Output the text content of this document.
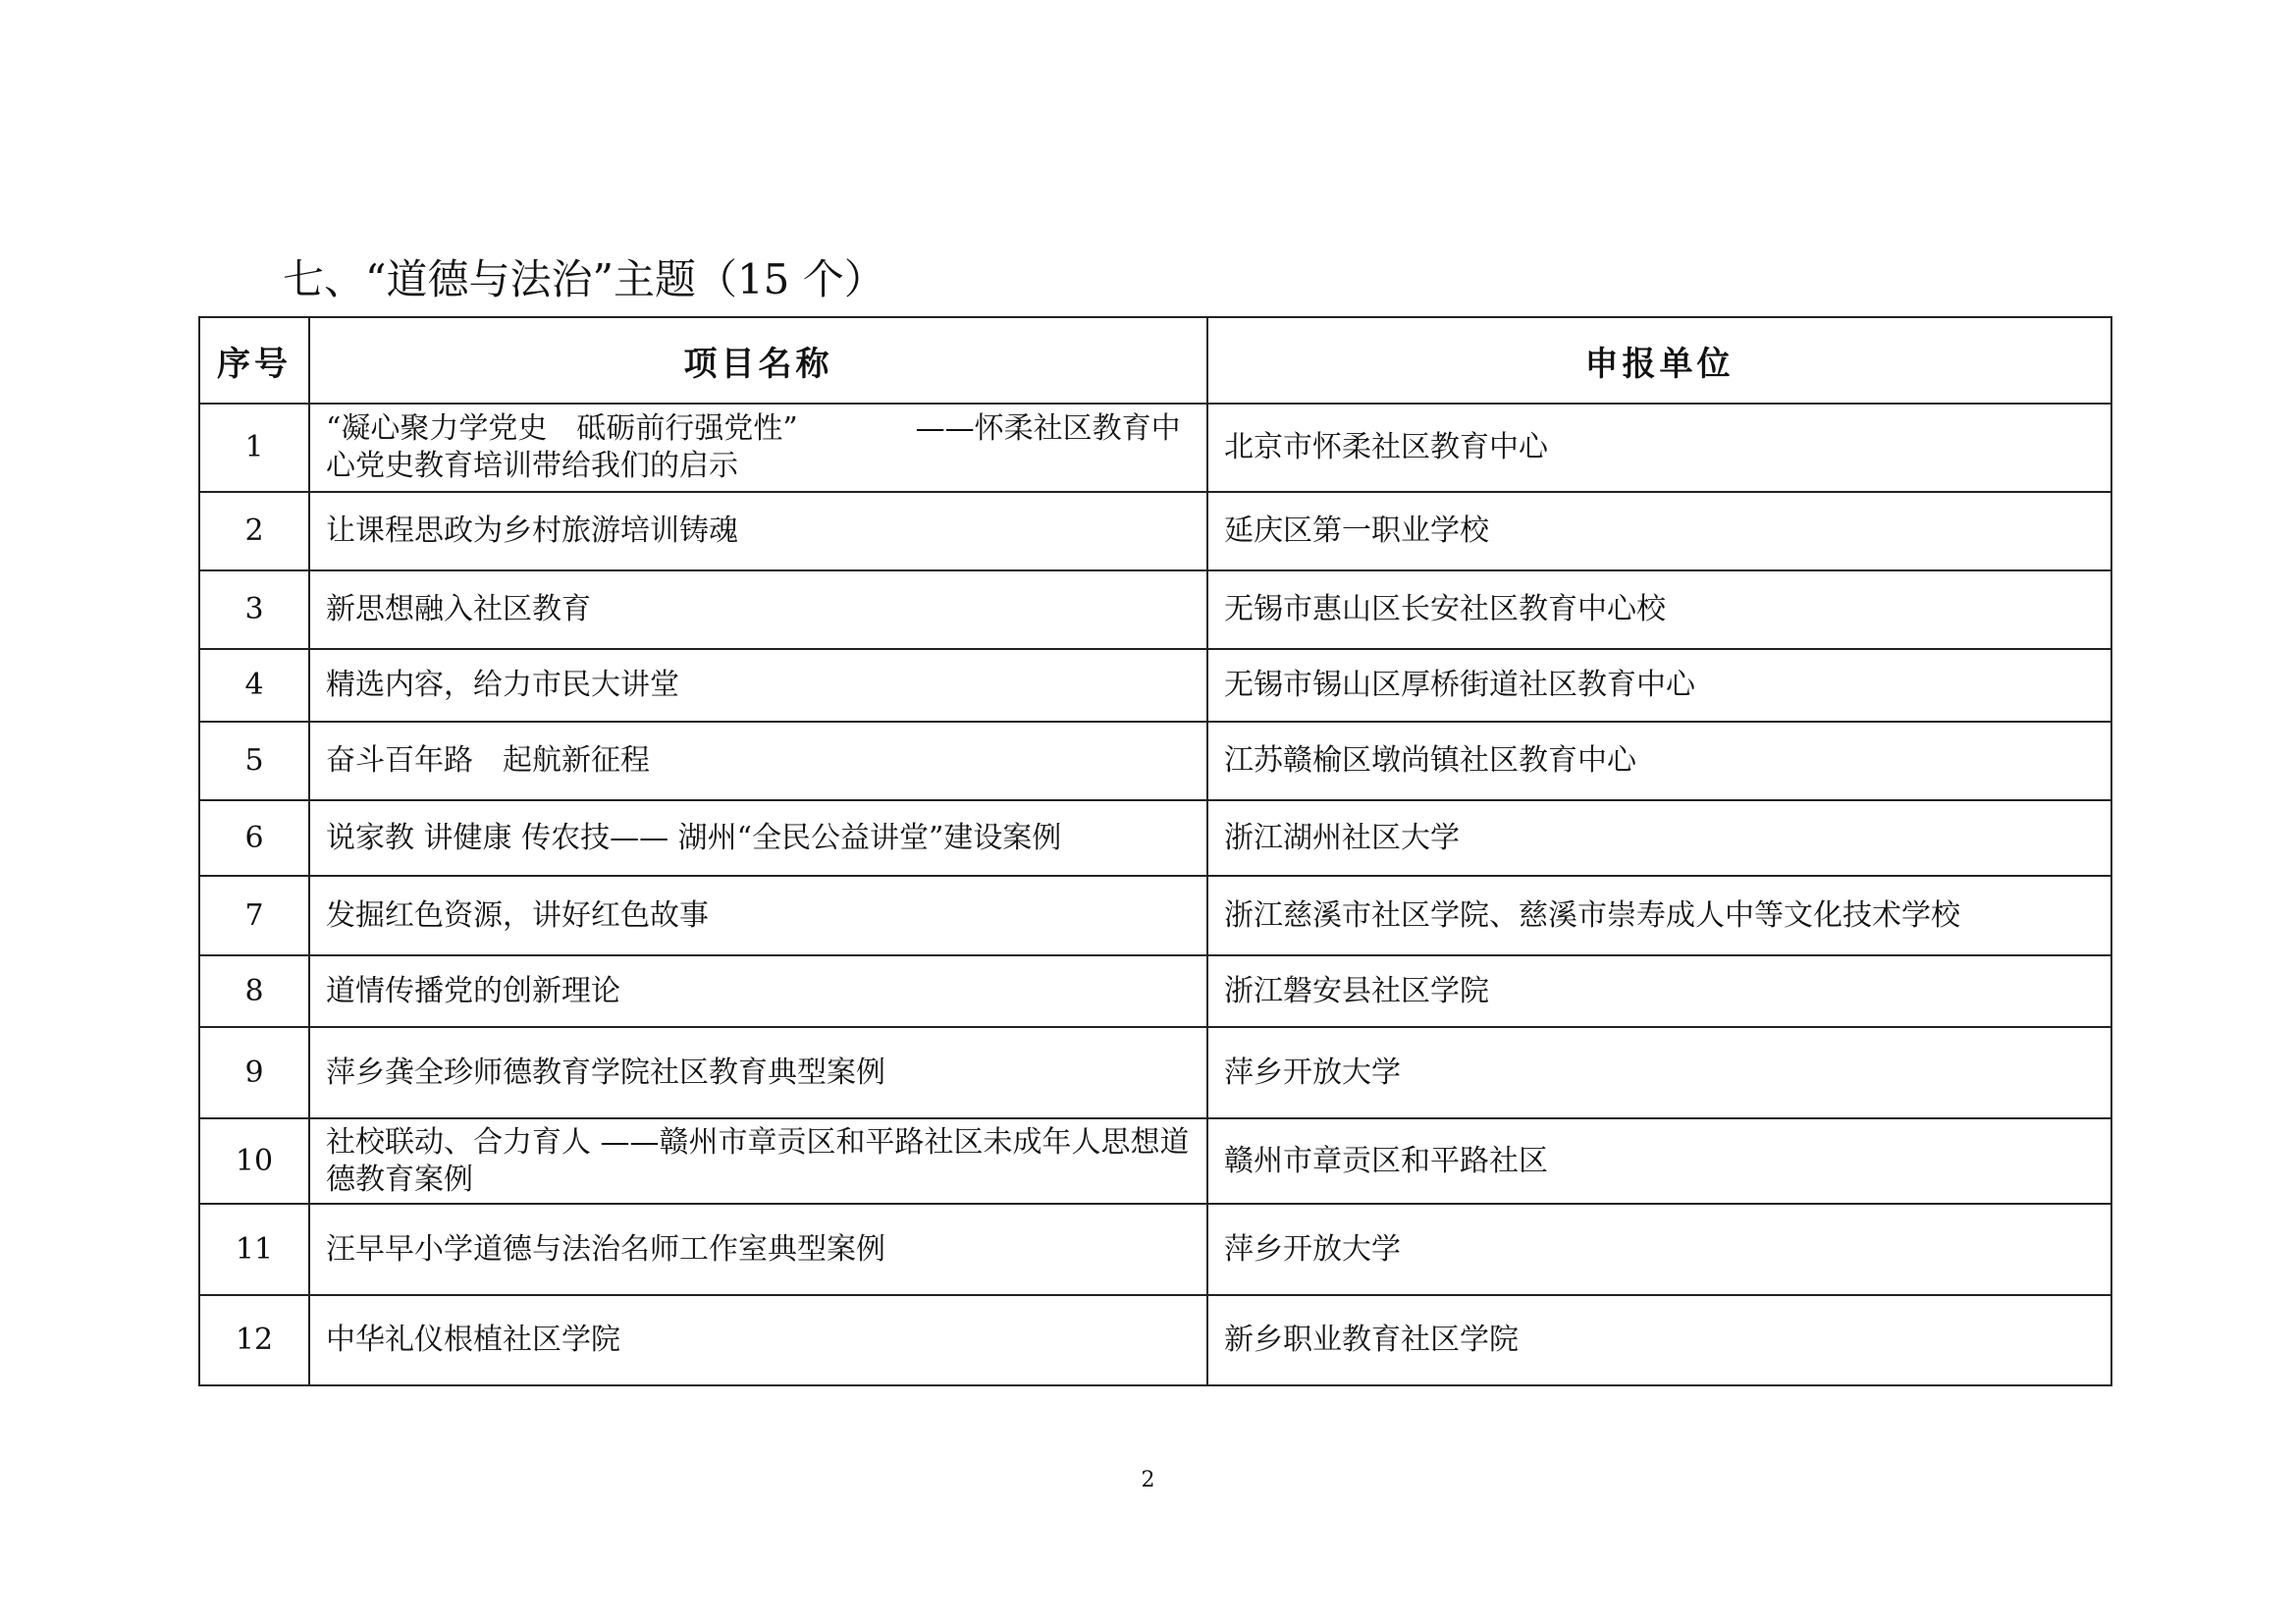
七、“道德与法治”主题（15 个）
序号	项目名称	申报单位
1	“凝心聚力学党史　砥砺前行强党性”　　　　——怀柔社区教育中心党史教育培训带给我们的启示	北京市怀柔社区教育中心
2	让课程思政为乡村旅游培训铸魂	延庆区第一职业学校
3	新思想融入社区教育	无锡市惠山区长安社区教育中心校
4	精选内容，给力市民大讲堂	无锡市锡山区厚桥街道社区教育中心
5	奋斗百年路　起航新征程	江苏赣榆区墩尚镇社区教育中心
6	说家教 讲健康 传农技—— 湖州“全民公益讲堂”建设案例	浙江湖州社区大学
7	发掘红色资源，讲好红色故事	浙江慈溪市社区学院、慈溪市崇寿成人中等文化技术学校
8	道情传播党的创新理论	浙江磐安县社区学院
9	萍乡龚全珍师德教育学院社区教育典型案例	萍乡开放大学
10	社校联动、合力育人 ——赣州市章贡区和平路社区未成年人思想道德教育案例	赣州市章贡区和平路社区
11	汪早早小学道德与法治名师工作室典型案例	萍乡开放大学
12	中华礼仪根植社区学院	新乡职业教育社区学院
2
